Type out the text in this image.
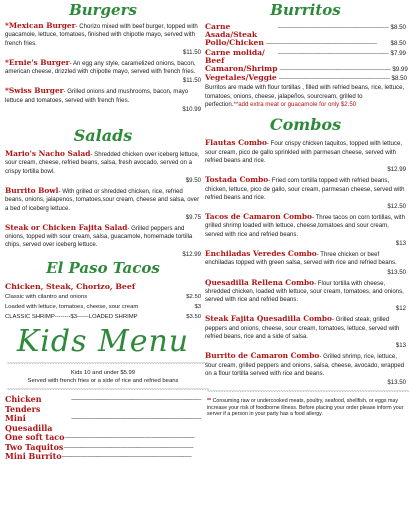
Burgers
*Mexican Burger- Chorizo mixed with beef burger, topped with guacamole, lettuce, tomatoes, finished with chipotle mayo, served with french fries.
$11.50
*Ernie's Burger- An egg any style, caramelized onions, bacon, american cheese, drizzled with chipotle mayo, served with french fries.
$11.50
*Swiss Burger- Grilled onions and mushrooms, bacon, mayo lettuce and tomatoes, served with french fries.
$10.99
Salads
Mario's Nacho Salad- Shredded chicken over iceberg lettuce, sour cream, cheese, refried beans, salsa, fresh avocado, served on a crispy tortilla bowl.
$9.50
Burrito Bowl- With grilled or shredded chicken, rice, refried beans, onions, jalapenos, tomatoes,sour cream, cheese and salsa, over a bed of iceberg lettuce.
$9.75
Steak or Chicken Fajita Salad- Grilled peppers and onions, topped with sour cream, salsa, guacamole, homemade tortilla chips, served over iceberg lettuce.
$12.99
El Paso Tacos
Chicken, Steak, Chorizo, Beef
Classic with cilantro and onions	$2.50
Loaded with lettuce, tomatoes, cheese, sour cream	$3
CLASSIC SHRIMP--------$3------LOADED SHRIMP	$3.50
Kids Menu
~~~~~~~~~~~~~~~~~~~~~~~~~~~~~~~~~~~~~~~~~~~~~~~~~~~~~~~~~~~~~~~~~~~~~~~~~~~~~
Kids 10 and under $5.99
Served with french fries or a side of rice and refried beans
~~~~~~~~~~~~~~~~~~~~~~~~~~~~~~~~~~~~~~~~~~~~~~~~~~~~~~~~~~~~~~~~~~~~~~~~~~~~~
Chicken Tenders
-------------------------------------------------------------------------------------
Mini Quesadilla
-------------------------------------------------------------------------------------
One soft taco -------------------------------------------------------------------------------------
Two Taquitos -------------------------------------------------------------------------------------
Mini Burrito -------------------------------------------------------------------------------------
Burritos
Carne Asada/Steak
----------------------------------------------------------------------- $8.50
Pollo/Chicken -----------------------------------------------------------------------	$8.50
Carne molida/ Beef
----------------------------------------------------------------------- $7.99
Camaron/Shrimp ----------------------------------------------------------------------- $9.99
Vegetales/Veggie ----------------------------------------------------------------------- $8.50
Burritos are made with flour tortillas , filled with refried beans, rice, lettuce, tomatoes, onions, cheese, jalapeños, sourcream, grilled to perfection.**add extra meat or guacamole for only $2.50
Combos
Flautas Combo- Four crispy chicken taquitos, topped with lettuce, sour cream, pico de gallo sprinkled with parmesan cheese, served with refried beans and rice.
$12.99
Tostada Combo- Fried corn tortilla topped with refried beans, chicken, lettuce, pico de gallo, sour cream, parmesan cheese, served with refried beans and rice.
$12.50
Tacos de Camaron Combo- Three tacos on corn tortillas, with grilled shrimp loaded with lettuce, cheese,tomatoes and sour cream, served with rice and refried beans.
$13
Enchiladas Veredes Combo- Three chicken or beef enchiladas topped with green salsa, served with rice and refried beans.
$13.50
Quesadilla Rellena Combo- Flour tortilla with cheese, shredded chicken, loaded with lettuce, sour cream, tomatoes, and onions, served with rice and refried beans.
$12
Steak Fajita Quesadilla Combo- Grilled steak, grilled peppers and onions, cheese, sour cream, tomatoes, lettuce, served with refried beans, rice and a side of salsa.
$13
Burrito de Camaron Combo- Grilled shrimp, rice, lettuce, sour cream, grilled peppers and onions, salsa, cheese, avocado, wrapped on a flour tortilla served with rice and beans.
$13.50
~~~~~~~~~~~~~~~~~~~~~~~~~~~~~~~~~~~~~~~~~~~~~~~~~~~~~~~~~~~~~~~~~~~~~~~~~~~~~
** Consuming raw or undercooked meats, poultry, seafood, shellfish, or eggs may increase your risk of foodborne illness. Before placing your order please inform your server if a person in your party has a food allergy.
